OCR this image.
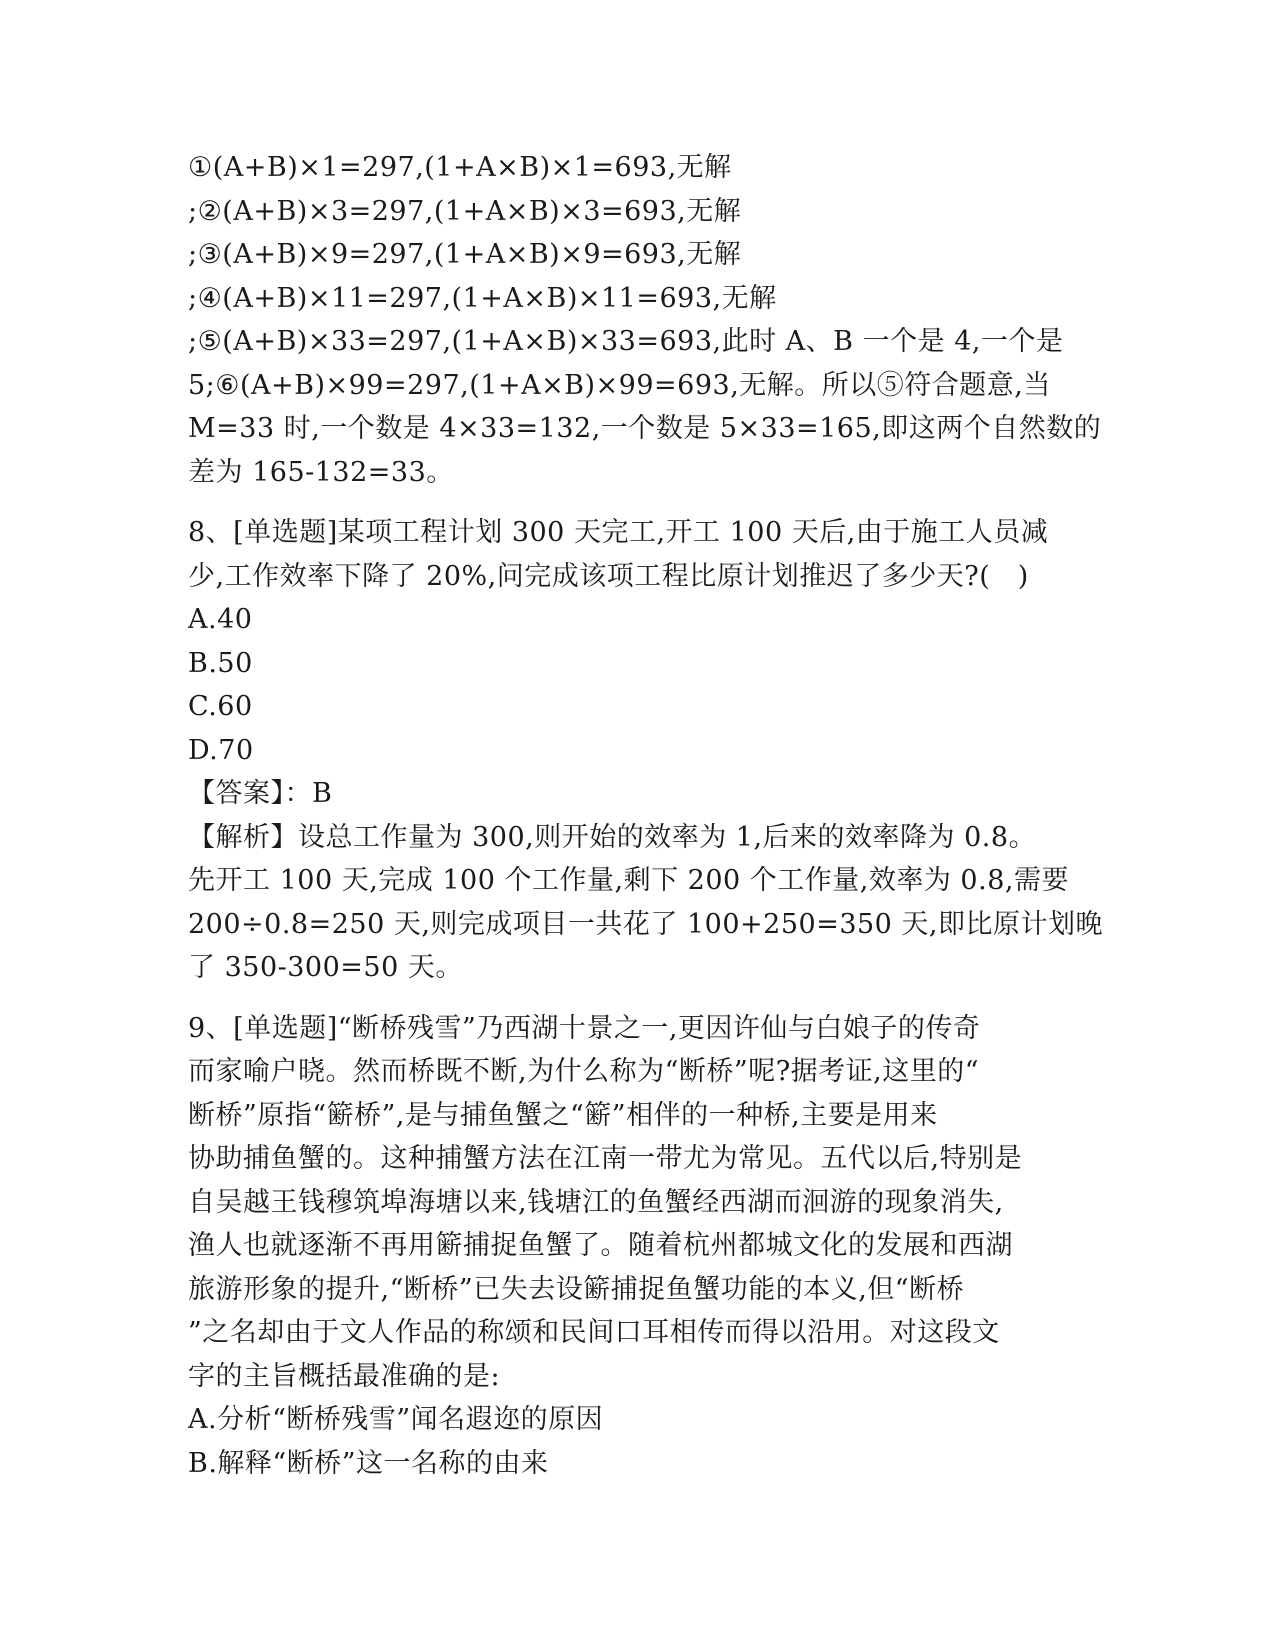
①(A+B)×1=297,(1+A×B)×1=693,无解
;②(A+B)×3=297,(1+A×B)×3=693,无解
;③(A+B)×9=297,(1+A×B)×9=693,无解
;④(A+B)×11=297,(1+A×B)×11=693,无解
;⑤(A+B)×33=297,(1+A×B)×33=693,此时 A、B 一个是 4,一个是
5;⑥(A+B)×99=297,(1+A×B)×99=693,无解。所以⑤符合题意,当
M=33 时,一个数是 4×33=132,一个数是 5×33=165,即这两个自然数的
差为 165-132=33。
8、[单选题]某项工程计划 300 天完工,开工 100 天后,由于施工人员减
少,工作效率下降了 20%,问完成该项工程比原计划推迟了多少天?(　)
A.40
B.50
C.60
D.70
【答案】：B
【解析】设总工作量为 300,则开始的效率为 1,后来的效率降为 0.8。
先开工 100 天,完成 100 个工作量,剩下 200 个工作量,效率为 0.8,需要
200÷0.8=250 天,则完成项目一共花了 100+250=350 天,即比原计划晚
了 350-300=50 天。
9、[单选题]“断桥残雪”乃西湖十景之一,更因许仙与白娘子的传奇
而家喻户晓。然而桥既不断,为什么称为“断桥”呢?据考证,这里的“
断桥”原指“簖桥”,是与捕鱼蟹之“簖”相伴的一种桥,主要是用来
协助捕鱼蟹的。这种捕蟹方法在江南一带尤为常见。五代以后,特别是
自吴越王钱穆筑埠海塘以来,钱塘江的鱼蟹经西湖而洄游的现象消失,
渔人也就逐渐不再用簖捕捉鱼蟹了。随着杭州都城文化的发展和西湖
旅游形象的提升,“断桥”已失去设簖捕捉鱼蟹功能的本义,但“断桥
”之名却由于文人作品的称颂和民间口耳相传而得以沿用。对这段文
字的主旨概括最准确的是:
A.分析“断桥残雪”闻名遐迩的原因
B.解释“断桥”这一名称的由来
